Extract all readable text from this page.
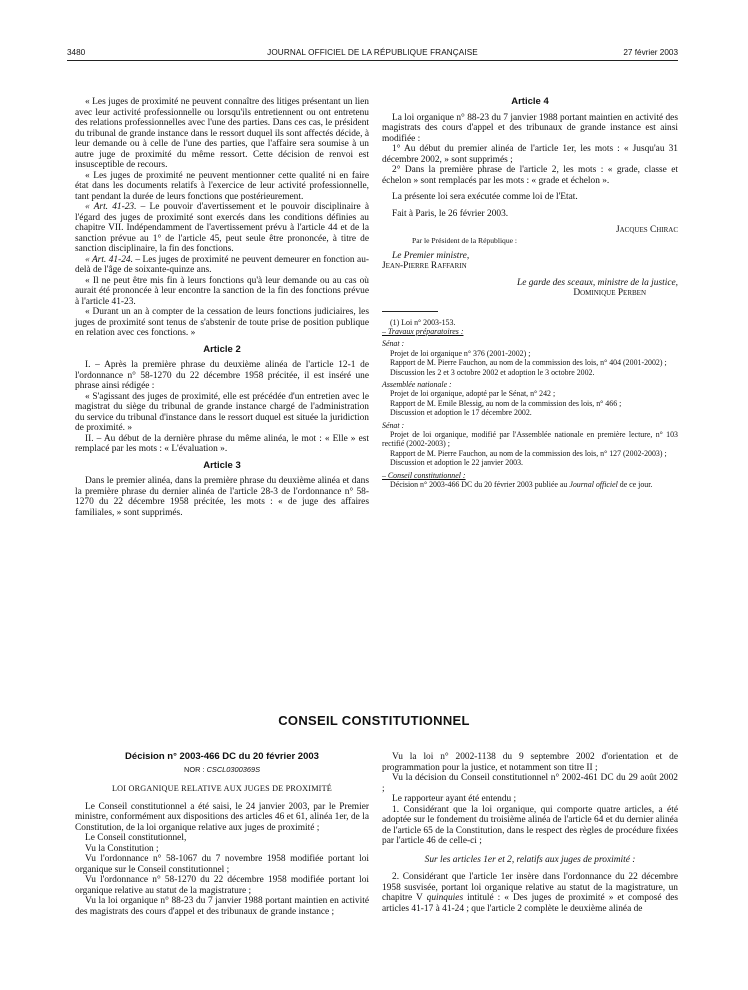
3480	JOURNAL OFFICIEL DE LA RÉPUBLIQUE FRANÇAISE	27 février 2003

« Les juges de proximité ne peuvent connaître des litiges présentant un lien avec leur activité professionnelle ou lorsqu'ils entretiennent ou ont entretenu des relations professionnelles avec l'une des parties. Dans ces cas, le président du tribunal de grande instance dans le ressort duquel ils sont affectés décide, à leur demande ou à celle de l'une des parties, que l'affaire sera soumise à un autre juge de proximité du même ressort. Cette décision de renvoi est insusceptible de recours.

« Les juges de proximité ne peuvent mentionner cette qualité ni en faire état dans les documents relatifs à l'exercice de leur activité professionnelle, tant pendant la durée de leurs fonctions que postérieurement.

« Art. 41-23. – Le pouvoir d'avertissement et le pouvoir disciplinaire à l'égard des juges de proximité sont exercés dans les conditions définies au chapitre VII. Indépendamment de l'avertissement prévu à l'article 44 et de la sanction prévue au 1° de l'article 45, peut seule être prononcée, à titre de sanction disciplinaire, la fin des fonctions.

« Art. 41-24. – Les juges de proximité ne peuvent demeurer en fonction au-delà de l'âge de soixante-quinze ans.

« Il ne peut être mis fin à leurs fonctions qu'à leur demande ou au cas où aurait été prononcée à leur encontre la sanction de la fin des fonctions prévue à l'article 41-23.

« Durant un an à compter de la cessation de leurs fonctions judiciaires, les juges de proximité sont tenus de s'abstenir de toute prise de position publique en relation avec ces fonctions. »

Article 2

I. – Après la première phrase du deuxième alinéa de l'article 12-1 de l'ordonnance n° 58-1270 du 22 décembre 1958 précitée, il est inséré une phrase ainsi rédigée :

« S'agissant des juges de proximité, elle est précédée d'un entretien avec le magistrat du siège du tribunal de grande instance chargé de l'administration du service du tribunal d'instance dans le ressort duquel est située la juridiction de proximité. »

II. – Au début de la dernière phrase du même alinéa, le mot : « Elle » est remplacé par les mots : « L'évaluation ».

Article 3

Dans le premier alinéa, dans la première phrase du deuxième alinéa et dans la première phrase du dernier alinéa de l'article 28-3 de l'ordonnance n° 58-1270 du 22 décembre 1958 précitée, les mots : « de juge des affaires familiales, » sont supprimés.

Article 4

La loi organique n° 88-23 du 7 janvier 1988 portant maintien en activité des magistrats des cours d'appel et des tribunaux de grande instance est ainsi modifiée :

1° Au début du premier alinéa de l'article 1er, les mots : « Jusqu'au 31 décembre 2002, » sont supprimés ;

2° Dans la première phrase de l'article 2, les mots : « grade, classe et échelon » sont remplacés par les mots : « grade et échelon ».

La présente loi sera exécutée comme loi de l'Etat.

Fait à Paris, le 26 février 2003.

Jacques Chirac

Par le Président de la République :

Le Premier ministre,

Jean-Pierre Raffarin

Le garde des sceaux, ministre de la justice,

Dominique Perben

(1) Loi n° 2003-153.

– Travaux préparatoires :

Sénat :

Projet de loi organique n° 376 (2001-2002) ;

Rapport de M. Pierre Fauchon, au nom de la commission des lois, n° 404 (2001-2002) ;

Discussion les 2 et 3 octobre 2002 et adoption le 3 octobre 2002.

Assemblée nationale :

Projet de loi organique, adopté par le Sénat, n° 242 ;

Rapport de M. Emile Blessig, au nom de la commission des lois, n° 466 ;

Discussion et adoption le 17 décembre 2002.

Sénat :

Projet de loi organique, modifié par l'Assemblée nationale en première lecture, n° 103 rectifié (2002-2003) ;

Rapport de M. Pierre Fauchon, au nom de la commission des lois, n° 127 (2002-2003) ;

Discussion et adoption le 22 janvier 2003.

– Conseil constitutionnel :

Décision n° 2003-466 DC du 20 février 2003 publiée au Journal officiel de ce jour.

CONSEIL CONSTITUTIONNEL
Décision n° 2003-466 DC du 20 février 2003
NOR : CSCL0300369S
LOI ORGANIQUE RELATIVE AUX JUGES DE PROXIMITÉ

Le Conseil constitutionnel a été saisi, le 24 janvier 2003, par le Premier ministre, conformément aux dispositions des articles 46 et 61, alinéa 1er, de la Constitution, de la loi organique relative aux juges de proximité ;

Le Conseil constitutionnel,

Vu la Constitution ;

Vu l'ordonnance n° 58-1067 du 7 novembre 1958 modifiée portant loi organique sur le Conseil constitutionnel ;

Vu l'ordonnance n° 58-1270 du 22 décembre 1958 modifiée portant loi organique relative au statut de la magistrature ;

Vu la loi organique n° 88-23 du 7 janvier 1988 portant maintien en activité des magistrats des cours d'appel et des tribunaux de grande instance ;

Vu la loi n° 2002-1138 du 9 septembre 2002 d'orientation et de programmation pour la justice, et notamment son titre II ;

Vu la décision du Conseil constitutionnel n° 2002-461 DC du 29 août 2002 ;

Le rapporteur ayant été entendu ;

1. Considérant que la loi organique, qui comporte quatre articles, a été adoptée sur le fondement du troisième alinéa de l'article 64 et du dernier alinéa de l'article 65 de la Constitution, dans le respect des règles de procédure fixées par l'article 46 de celle-ci ;

Sur les articles 1er et 2, relatifs aux juges de proximité :

2. Considérant que l'article 1er insère dans l'ordonnance du 22 décembre 1958 susvisée, portant loi organique relative au statut de la magistrature, un chapitre V quinquies intitulé : « Des juges de proximité » et composé des articles 41-17 à 41-24 ; que l'article 2 complète le deuxième alinéa de
